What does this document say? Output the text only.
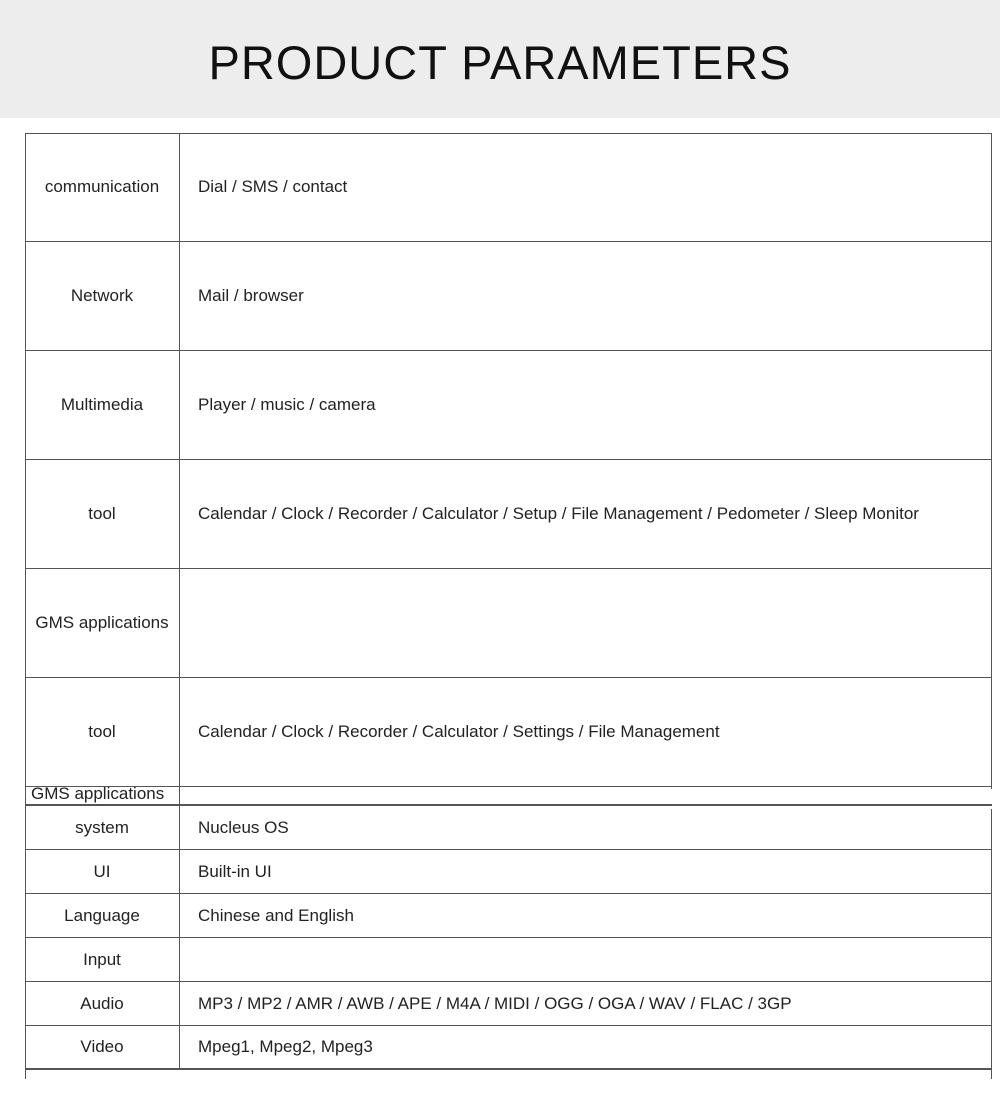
PRODUCT PARAMETERS
communication	Dial / SMS / contact
Network	Mail / browser
Multimedia	Player / music / camera
tool	Calendar / Clock / Recorder / Calculator / Setup / File Management / Pedometer / Sleep Monitor
GMS applications
tool	Calendar / Clock / Recorder / Calculator / Settings / File Management
GMS applications
system	Nucleus OS
UI	Built-in UI
Language	Chinese and English
Input
Audio	MP3 / MP2 / AMR / AWB / APE / M4A / MIDI / OGG / OGA / WAV / FLAC / 3GP
Video	Mpeg1, Mpeg2, Mpeg3
